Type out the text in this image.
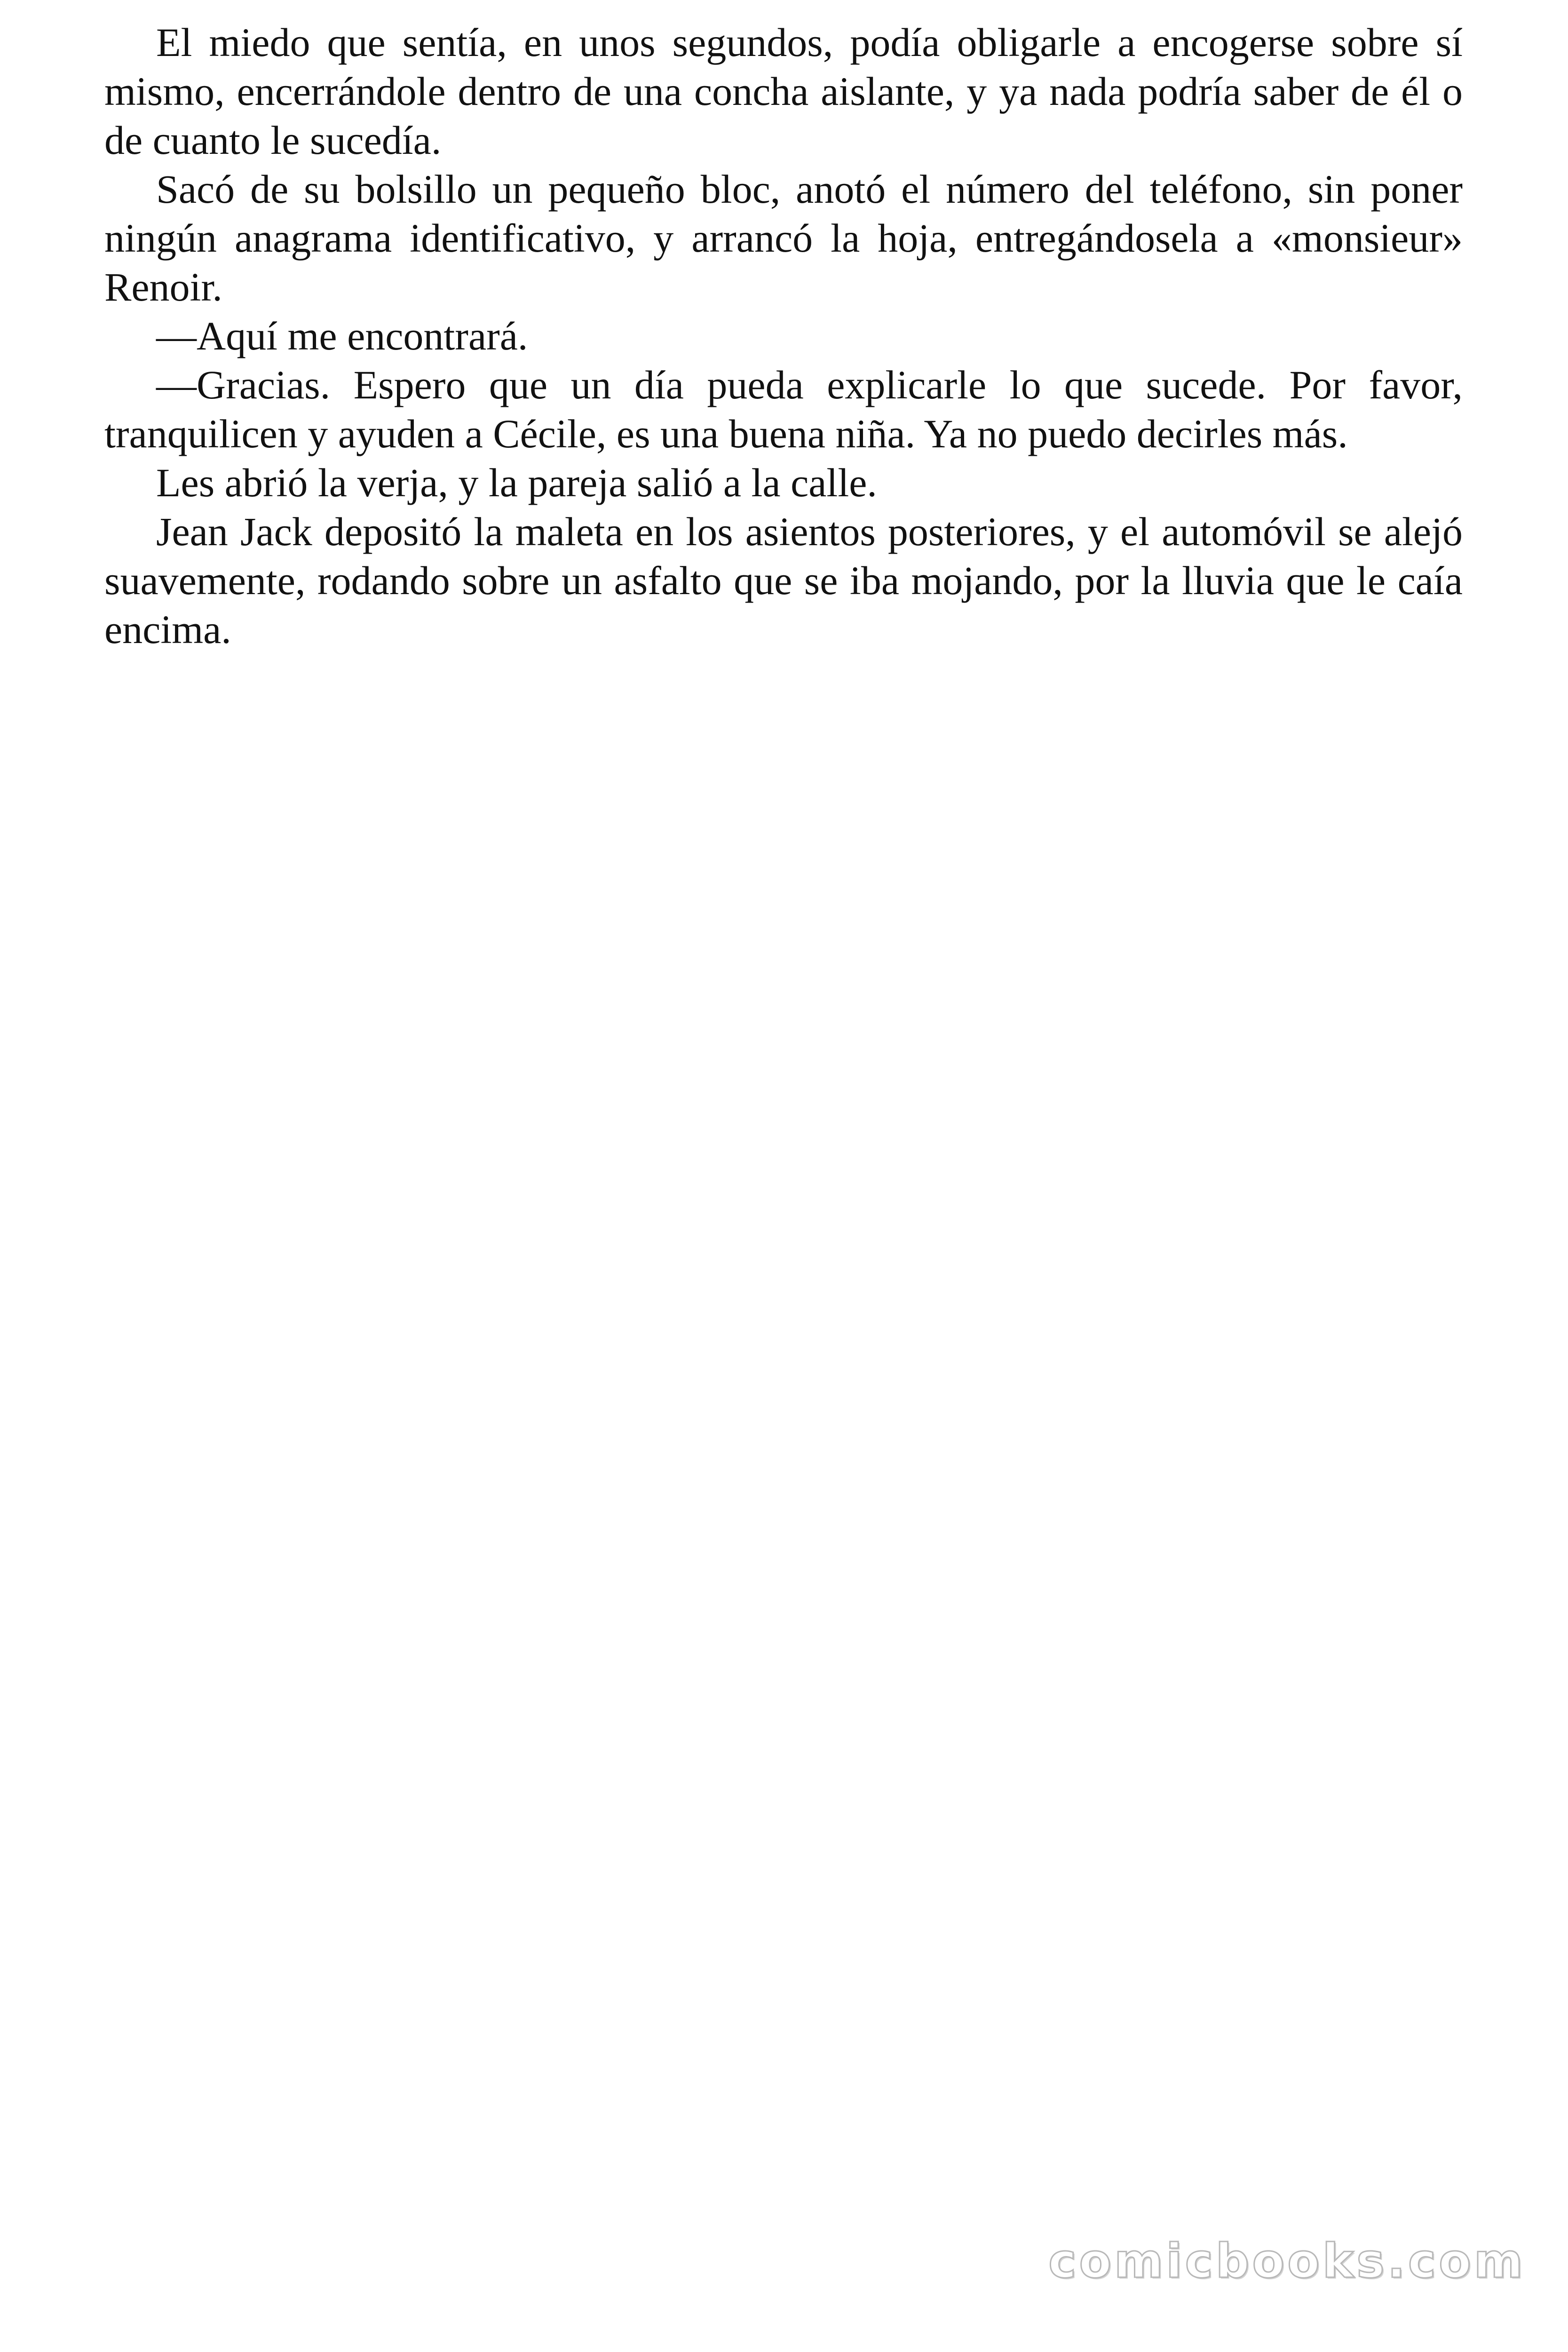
El miedo que sentía, en unos segundos, podía obligarle a encogerse sobre sí mismo, encerrándole dentro de una concha aislante, y ya nada podría saber de él o de cuanto le sucedía.

Sacó de su bolsillo un pequeño bloc, anotó el número del teléfono, sin poner ningún anagrama identificativo, y arrancó la hoja, entregándosela a «monsieur» Renoir.

—Aquí me encontrará.

—Gracias. Espero que un día pueda explicarle lo que sucede. Por favor, tranquilicen y ayuden a Cécile, es una buena niña. Ya no puedo decirles más.

Les abrió la verja, y la pareja salió a la calle.

Jean Jack depositó la maleta en los asientos posteriores, y el automóvil se alejó suavemente, rodando sobre un asfalto que se iba mojando, por la lluvia que le caía encima.

comicbooks.com
